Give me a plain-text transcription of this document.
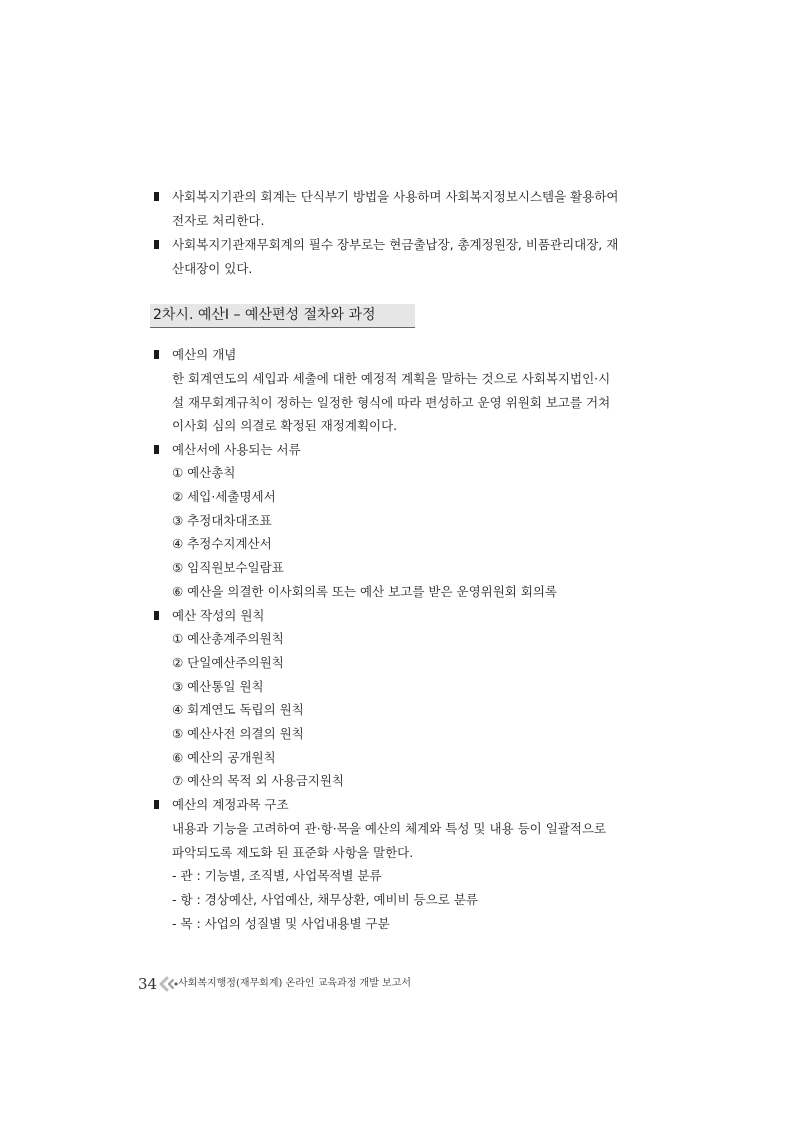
사회복지기관의 회계는 단식부기 방법을 사용하며 사회복지정보시스템을 활용하여
전자로 처리한다.
사회복지기관재무회계의 필수 장부로는 현금출납장, 총계정원장, 비품관리대장, 재
산대장이 있다.
2차시. 예산Ⅰ – 예산편성 절차와 과정
예산의 개념
한 회계연도의 세입과 세출에 대한 예정적 계획을 말하는 것으로 사회복지법인·시
설 재무회계규칙이 정하는 일정한 형식에 따라 편성하고 운영 위원회 보고를 거쳐
이사회 심의 의결로 확정된 재정계획이다.
예산서에 사용되는 서류
① 예산총칙
② 세입·세출명세서
③ 추정대차대조표
④ 추정수지계산서
⑤ 임직원보수일람표
⑥ 예산을 의결한 이사회의록 또는 예산 보고를 받은 운영위원회 회의록
예산 작성의 원칙
① 예산총계주의원칙
② 단일예산주의원칙
③ 예산통일 원칙
④ 회계연도 독립의 원칙
⑤ 예산사전 의결의 원칙
⑥ 예산의 공개원칙
⑦ 예산의 목적 외 사용금지원칙
예산의 계정과목 구조
내용과 기능을 고려하여 관·항·목을 예산의 체계와 특성 및 내용 등이 일괄적으로
파악되도록 제도화 된 표준화 사항을 말한다.
- 관 : 기능별, 조직별, 사업목적별 분류
- 항 : 경상예산, 사업예산, 채무상환, 예비비 등으로 분류
- 목 : 사업의 성질별 및 사업내용별 구분
34 사회복지행정(재무회계) 온라인 교육과정 개발 보고서
